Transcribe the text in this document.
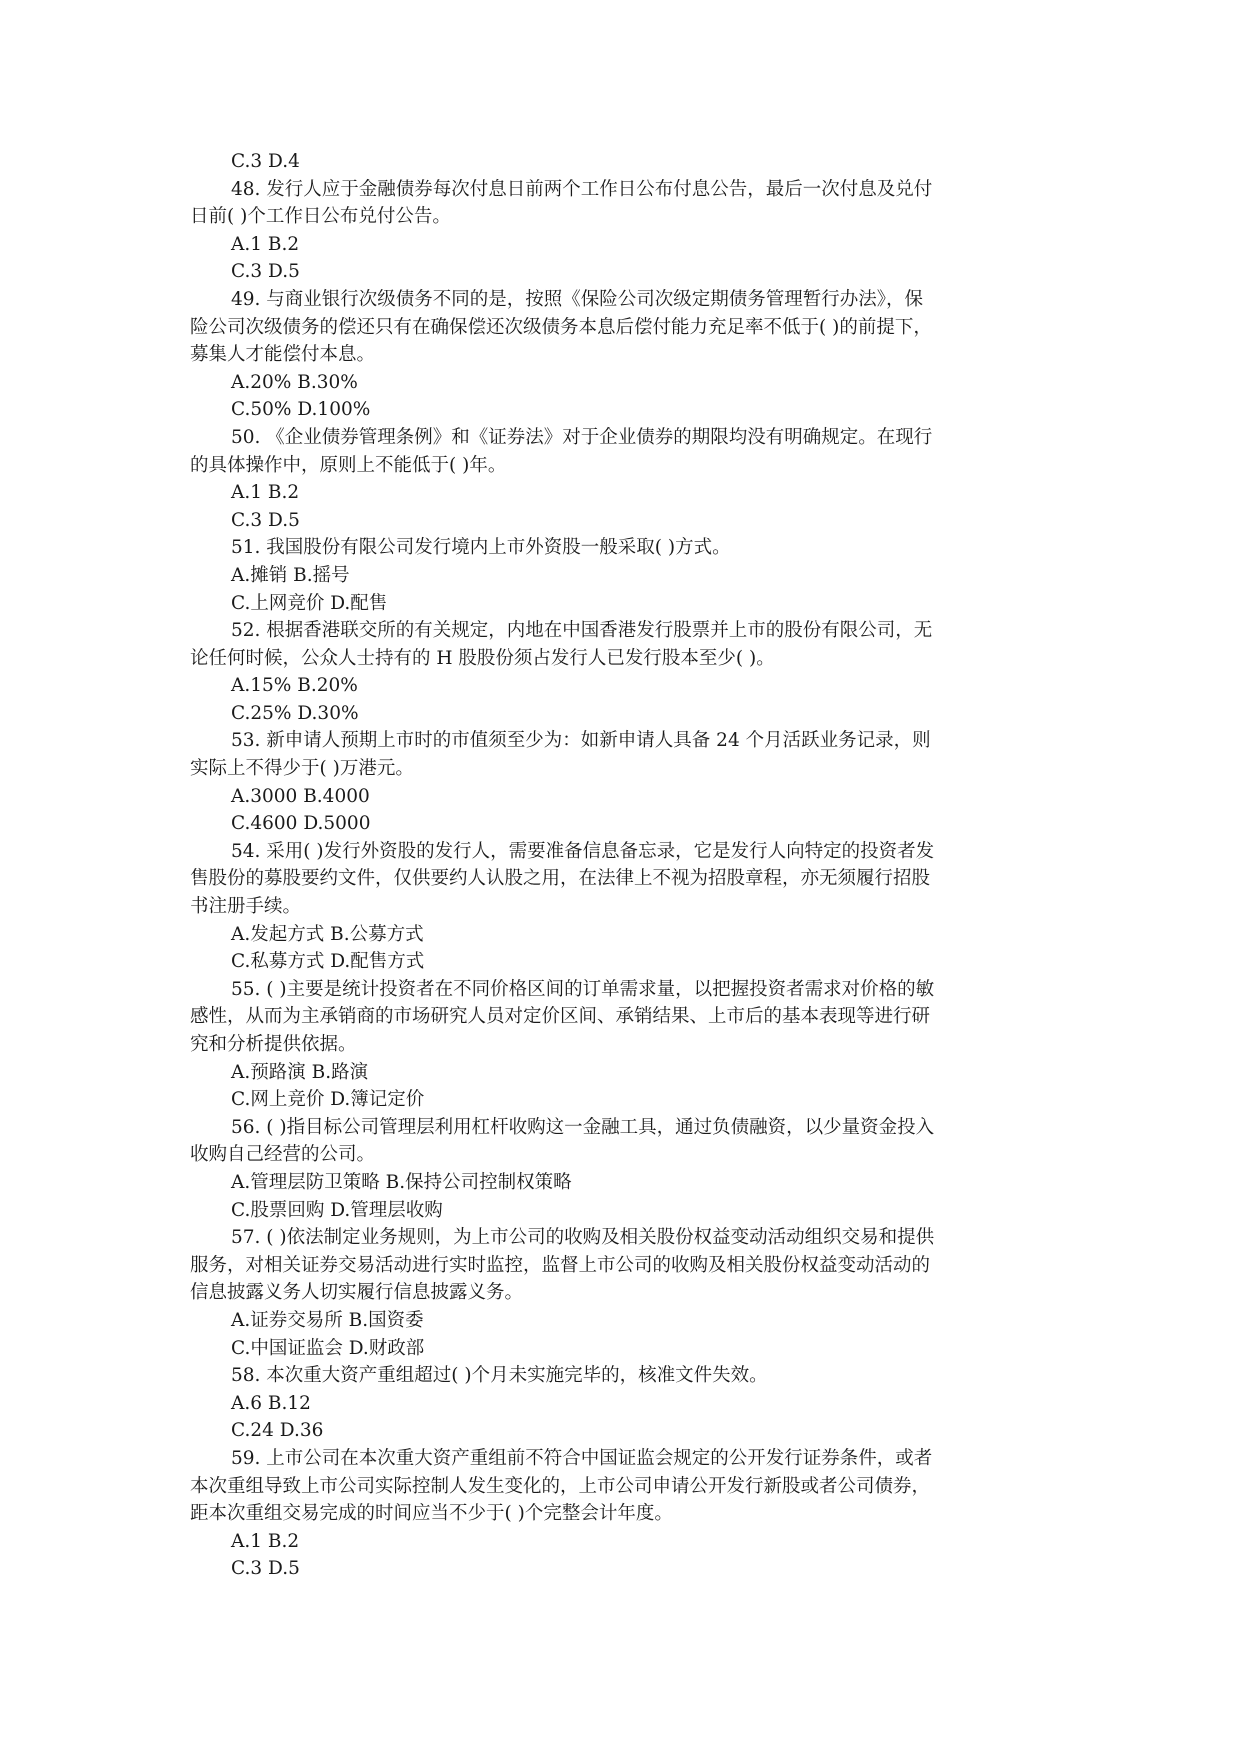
C.3 D.4

48. 发行人应于金融债券每次付息日前两个工作日公布付息公告，最后一次付息及兑付

日前( )个工作日公布兑付公告。

A.1 B.2

C.3 D.5

49. 与商业银行次级债务不同的是，按照《保险公司次级定期债务管理暂行办法》，保

险公司次级债务的偿还只有在确保偿还次级债务本息后偿付能力充足率不低于( )的前提下，

募集人才能偿付本息。

A.20% B.30%

C.50% D.100%

50. 《企业债券管理条例》和《证券法》对于企业债券的期限均没有明确规定。在现行

的具体操作中，原则上不能低于( )年。

A.1 B.2

C.3 D.5

51. 我国股份有限公司发行境内上市外资股一般采取( )方式。

A.摊销 B.摇号

C.上网竞价 D.配售

52. 根据香港联交所的有关规定，内地在中国香港发行股票并上市的股份有限公司，无

论任何时候，公众人士持有的 H 股股份须占发行人已发行股本至少( )。

A.15% B.20%

C.25% D.30%

53. 新申请人预期上市时的市值须至少为：如新申请人具备 24 个月活跃业务记录，则

实际上不得少于( )万港元。

A.3000 B.4000

C.4600 D.5000

54. 采用( )发行外资股的发行人，需要准备信息备忘录，它是发行人向特定的投资者发

售股份的募股要约文件，仅供要约人认股之用，在法律上不视为招股章程，亦无须履行招股

书注册手续。

A.发起方式 B.公募方式

C.私募方式 D.配售方式

55. ( )主要是统计投资者在不同价格区间的订单需求量，以把握投资者需求对价格的敏

感性，从而为主承销商的市场研究人员对定价区间、承销结果、上市后的基本表现等进行研

究和分析提供依据。

A.预路演 B.路演

C.网上竞价 D.簿记定价

56. ( )指目标公司管理层利用杠杆收购这一金融工具，通过负债融资，以少量资金投入

收购自己经营的公司。

A.管理层防卫策略 B.保持公司控制权策略

C.股票回购 D.管理层收购

57. ( )依法制定业务规则，为上市公司的收购及相关股份权益变动活动组织交易和提供

服务，对相关证券交易活动进行实时监控，监督上市公司的收购及相关股份权益变动活动的

信息披露义务人切实履行信息披露义务。

A.证券交易所 B.国资委

C.中国证监会 D.财政部

58. 本次重大资产重组超过( )个月未实施完毕的，核准文件失效。

A.6 B.12

C.24 D.36

59. 上市公司在本次重大资产重组前不符合中国证监会规定的公开发行证券条件，或者

本次重组导致上市公司实际控制人发生变化的，上市公司申请公开发行新股或者公司债券，

距本次重组交易完成的时间应当不少于( )个完整会计年度。

A.1 B.2

C.3 D.5
